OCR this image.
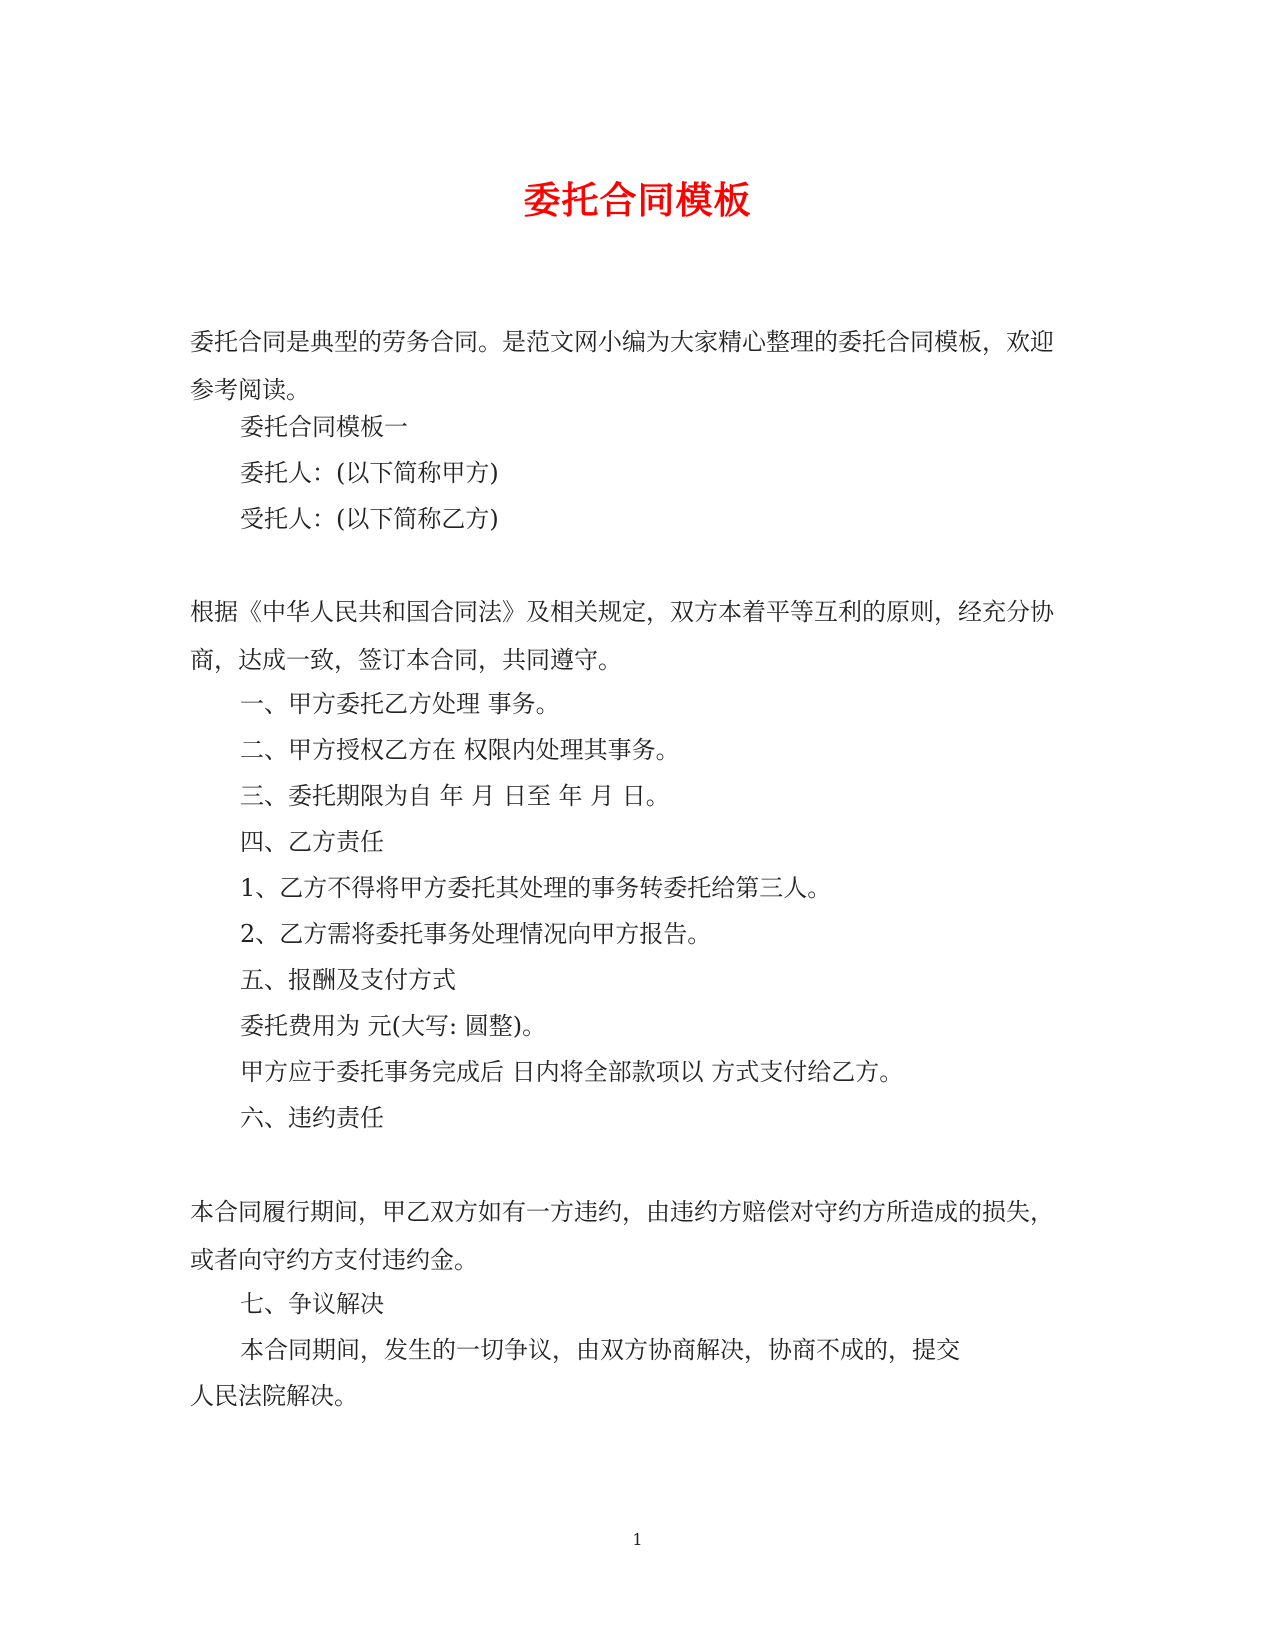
委托合同模板

委托合同是典型的劳务合同。是范文网小编为大家精心整理的委托合同模板，欢迎参考阅读。

委托合同模板一

委托人：(以下简称甲方)

受托人：(以下简称乙方)

根据《中华人民共和国合同法》及相关规定，双方本着平等互利的原则，经充分协商，达成一致，签订本合同，共同遵守。

一、甲方委托乙方处理 事务。

二、甲方授权乙方在 权限内处理其事务。

三、委托期限为自 年 月 日至 年 月 日。

四、乙方责任

1、乙方不得将甲方委托其处理的事务转委托给第三人。

2、乙方需将委托事务处理情况向甲方报告。

五、报酬及支付方式

委托费用为 元(大写: 圆整)。

甲方应于委托事务完成后 日内将全部款项以 方式支付给乙方。

六、违约责任

本合同履行期间，甲乙双方如有一方违约，由违约方赔偿对守约方所造成的损失，或者向守约方支付违约金。

七、争议解决

本合同期间，发生的一切争议，由双方协商解决，协商不成的，提交

人民法院解决。

1
